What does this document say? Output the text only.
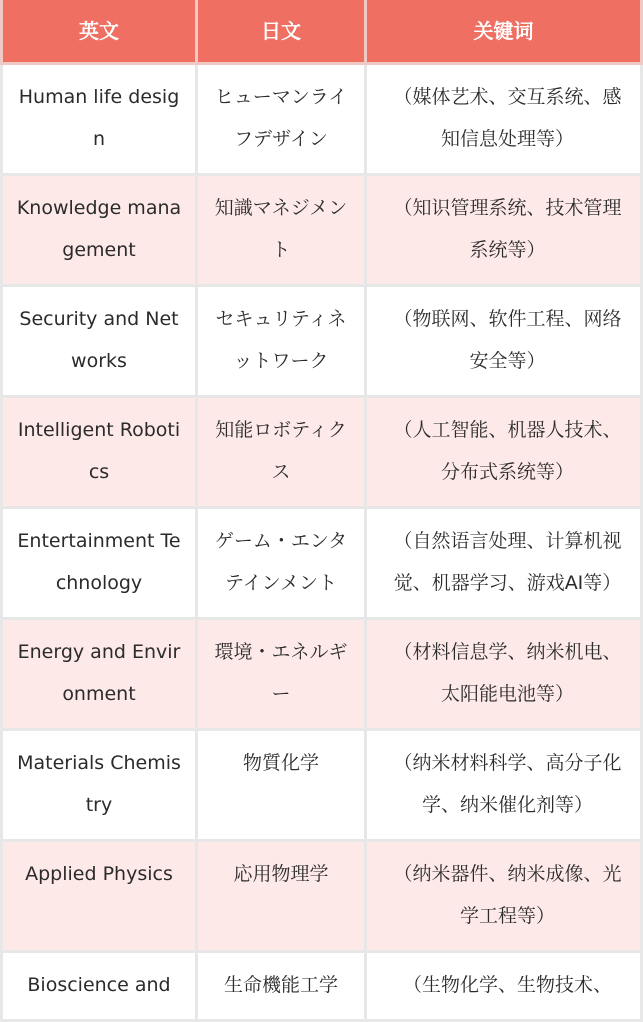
英文	日文	关键词
Human life design	ヒューマンライフデザイン	（媒体艺术、交互系统、感知信息处理等）
Knowledge management	知識マネジメント	（知识管理系统、技术管理系统等）
Security and Networks	セキュリティネットワーク	（物联网、软件工程、网络安全等）
Intelligent Robotics	知能ロボティクス	（人工智能、机器人技术、分布式系统等）
Entertainment Technology	ゲーム・エンタテインメント	（自然语言处理、计算机视觉、机器学习、游戏AI等）
Energy and Environment	環境・エネルギー	（材料信息学、纳米机电、太阳能电池等）
Materials Chemistry	物質化学	（纳米材料科学、高分子化学、纳米催化剂等）
Applied Physics	応用物理学	（纳米器件、纳米成像、光学工程等）
Bioscience and	生命機能工学	（生物化学、生物技术、
